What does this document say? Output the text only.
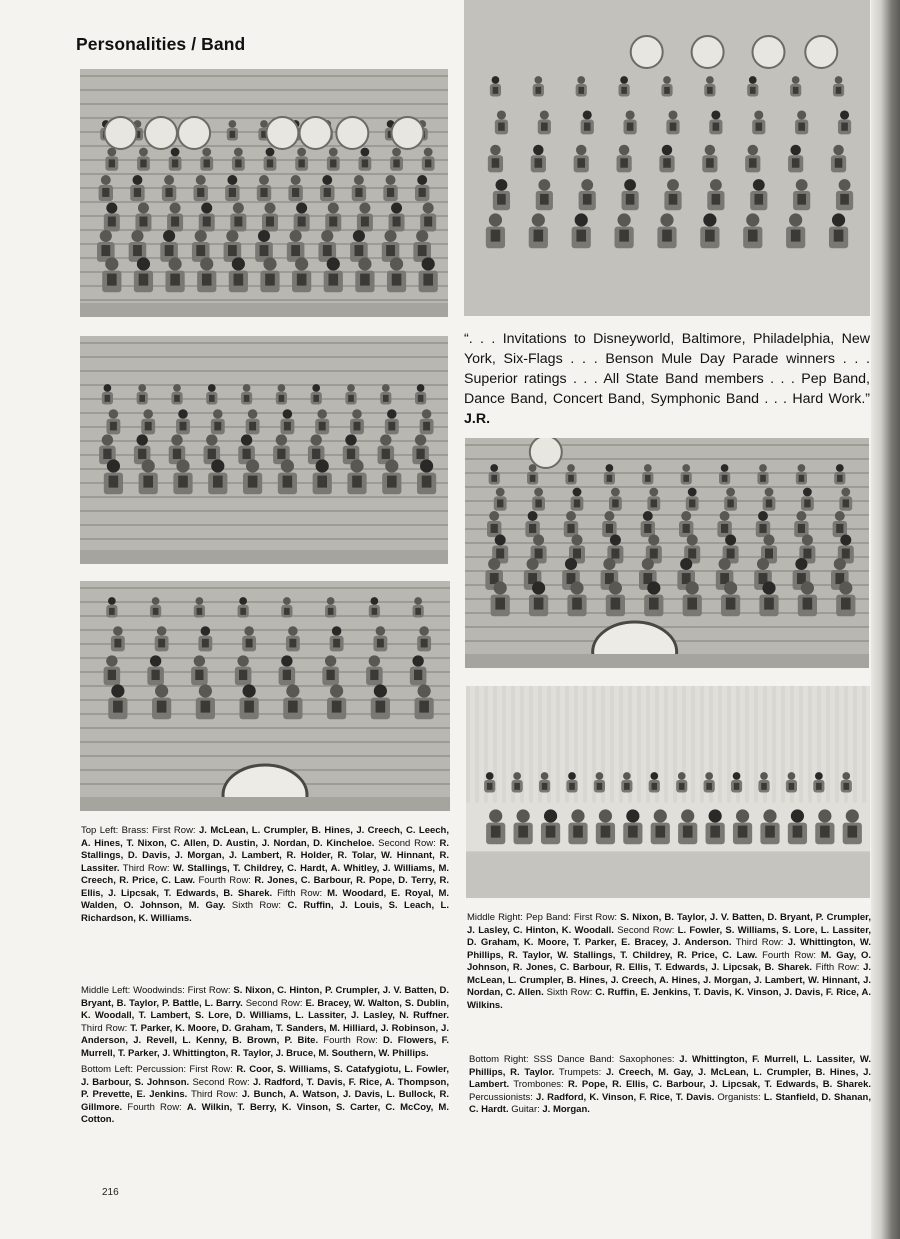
Personalities / Band
“. . . Invitations to Disneyworld, Baltimore, Philadelphia, New York, Six-Flags . . . Benson Mule Day Parade winners . . . Superior ratings . . . All State Band members . . . Pep Band, Dance Band, Concert Band, Symphonic Band . . . Hard Work.” J.R.
Top Left: Brass: First Row: J. McLean, L. Crumpler, B. Hines, J. Creech, C. Leech, A. Hines, T. Nixon, C. Allen, D. Austin, J. Nordan, D. Kincheloe. Second Row: R. Stallings, D. Davis, J. Morgan, J. Lambert, R. Holder, R. Tolar, W. Hinnant, R. Lassiter. Third Row: W. Stallings, T. Childrey, C. Hardt, A. Whitley, J. Williams, M. Creech, R. Price, C. Law. Fourth Row: R. Jones, C. Barbour, R. Pope, D. Terry, R. Ellis, J. Lipcsak, T. Edwards, B. Sharek. Fifth Row: M. Woodard, E. Royal, M. Walden, O. Johnson, M. Gay. Sixth Row: C. Ruffin, J. Louis, S. Leach, L. Richardson, K. Williams.
Middle Left: Woodwinds: First Row: S. Nixon, C. Hinton, P. Crumpler, J. V. Batten, D. Bryant, B. Taylor, P. Battle, L. Barry. Second Row: E. Bracey, W. Walton, S. Dublin, K. Woodall, T. Lambert, S. Lore, D. Williams, L. Lassiter, J. Lasley, N. Ruffner. Third Row: T. Parker, K. Moore, D. Graham, T. Sanders, M. Hilliard, J. Robinson, J. Anderson, J. Revell, L. Kenny, B. Brown, P. Bite. Fourth Row: D. Flowers, F. Murrell, T. Parker, J. Whittington, R. Taylor, J. Bruce, M. Southern, W. Phillips.
Bottom Left: Percussion: First Row: R. Coor, S. Williams, S. Catafygiotu, L. Fowler, J. Barbour, S. Johnson. Second Row: J. Radford, T. Davis, F. Rice, A. Thompson, P. Prevette, E. Jenkins. Third Row: J. Bunch, A. Watson, J. Davis, L. Bullock, R. Gillmore. Fourth Row: A. Wilkin, T. Berry, K. Vinson, S. Carter, C. McCoy, M. Cotton.
Middle Right: Pep Band: First Row: S. Nixon, B. Taylor, J. V. Batten, D. Bryant, P. Crumpler, J. Lasley, C. Hinton, K. Woodall. Second Row: L. Fowler, S. Williams, S. Lore, L. Lassiter, D. Graham, K. Moore, T. Parker, E. Bracey, J. Anderson. Third Row: J. Whittington, W. Phillips, R. Taylor, W. Stallings, T. Childrey, R. Price, C. Law. Fourth Row: M. Gay, O. Johnson, R. Jones, C. Barbour, R. Ellis, T. Edwards, J. Lipcsak, B. Sharek. Fifth Row: J. McLean, L. Crumpler, B. Hines, J. Creech, A. Hines, J. Morgan, J. Lambert, W. Hinnant, J. Nordan, C. Allen. Sixth Row: C. Ruffin, E. Jenkins, T. Davis, K. Vinson, J. Davis, F. Rice, A. Wilkins.
Bottom Right: SSS Dance Band: Saxophones: J. Whittington, F. Murrell, L. Lassiter, W. Phillips, R. Taylor. Trumpets: J. Creech, M. Gay, J. McLean, L. Crumpler, B. Hines, J. Lambert. Trombones: R. Pope, R. Ellis, C. Barbour, J. Lipcsak, T. Edwards, B. Sharek. Percussionists: J. Radford, K. Vinson, F. Rice, T. Davis. Organists: L. Stanfield, D. Shanan, C. Hardt. Guitar: J. Morgan.
216
